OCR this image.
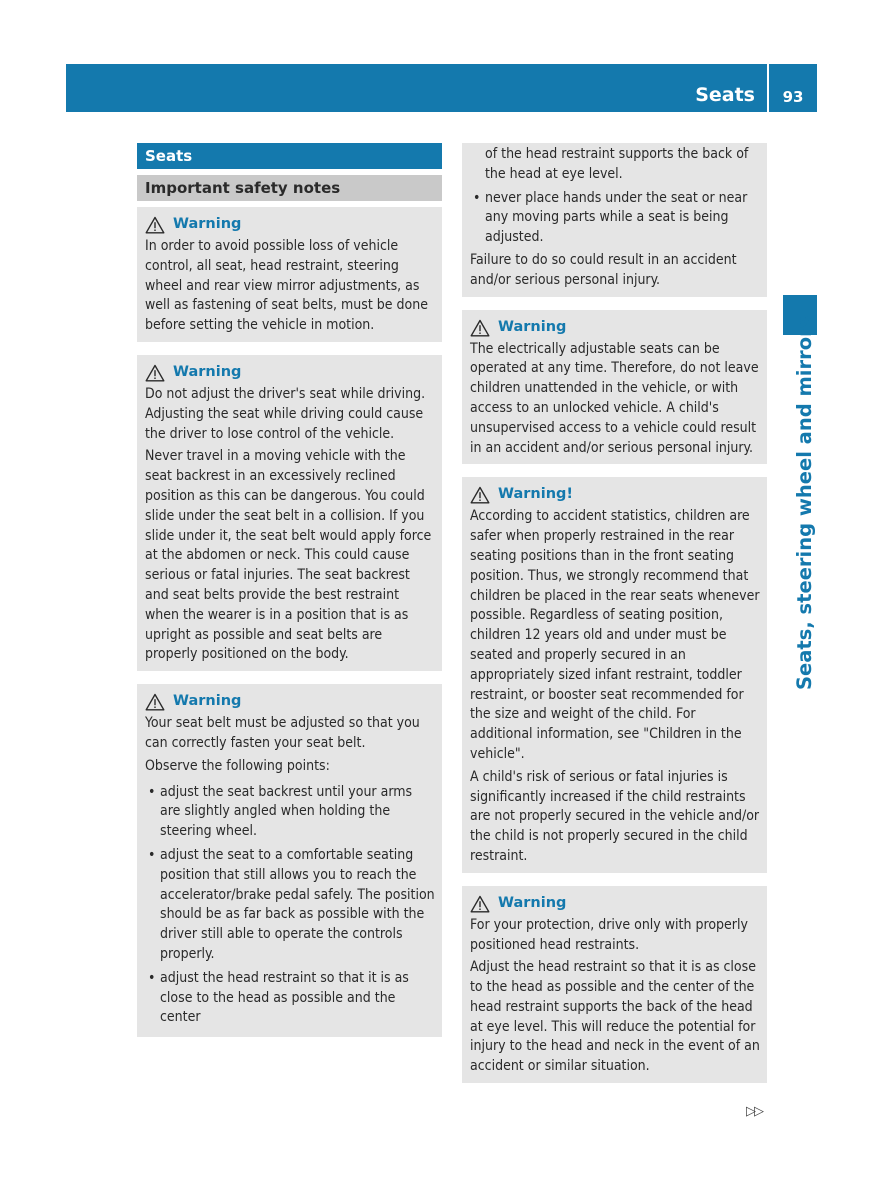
Seats	93
Seats, steering wheel and mirrors
Seats
Important safety notes
Warning

In order to avoid possible loss of vehicle control, all seat, head restraint, steering wheel and rear view mirror adjustments, as well as fastening of seat belts, must be done before setting the vehicle in motion.

Warning

Do not adjust the driver's seat while driving. Adjusting the seat while driving could cause the driver to lose control of the vehicle.

Never travel in a moving vehicle with the seat backrest in an excessively reclined position as this can be dangerous. You could slide under the seat belt in a collision. If you slide under it, the seat belt would apply force at the abdomen or neck. This could cause serious or fatal injuries. The seat backrest and seat belts provide the best restraint when the wearer is in a position that is as upright as possible and seat belts are properly positioned on the body.

Warning

Your seat belt must be adjusted so that you can correctly fasten your seat belt.

Observe the following points:

• adjust the seat backrest until your arms are slightly angled when holding the steering wheel.
• adjust the seat to a comfortable seating position that still allows you to reach the accelerator/brake pedal safely. The position should be as far back as possible with the driver still able to operate the controls properly.
• adjust the head restraint so that it is as close to the head as possible and the center

of the head restraint supports the back of the head at eye level.

• never place hands under the seat or near any moving parts while a seat is being adjusted.

Failure to do so could result in an accident and/or serious personal injury.

Warning

The electrically adjustable seats can be operated at any time. Therefore, do not leave children unattended in the vehicle, or with access to an unlocked vehicle. A child's unsupervised access to a vehicle could result in an accident and/or serious personal injury.

Warning!

According to accident statistics, children are safer when properly restrained in the rear seating positions than in the front seating position. Thus, we strongly recommend that children be placed in the rear seats whenever possible. Regardless of seating position, children 12 years old and under must be seated and properly secured in an appropriately sized infant restraint, toddler restraint, or booster seat recommended for the size and weight of the child. For additional information, see "Children in the vehicle".

A child's risk of serious or fatal injuries is significantly increased if the child restraints are not properly secured in the vehicle and/or the child is not properly secured in the child restraint.

Warning

For your protection, drive only with properly positioned head restraints.

Adjust the head restraint so that it is as close to the head as possible and the center of the head restraint supports the back of the head at eye level. This will reduce the potential for injury to the head and neck in the event of an accident or similar situation.

▷▷
